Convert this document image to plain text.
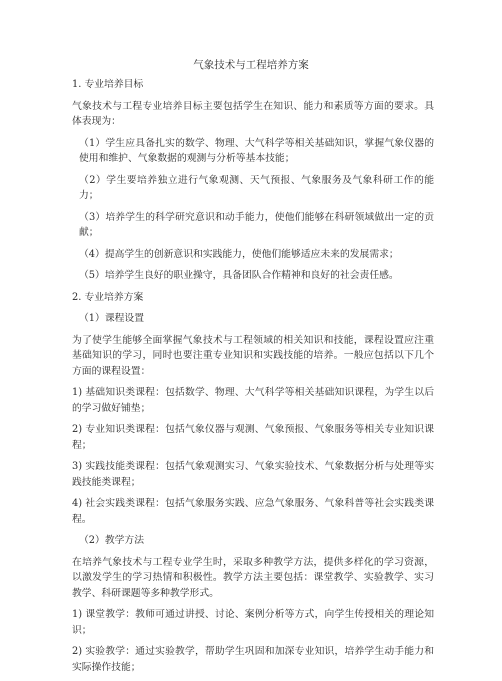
气象技术与工程培养方案
1. 专业培养目标
气象技术与工程专业培养目标主要包括学生在知识、能力和素质等方面的要求。具体表现为：
（1）学生应具备扎实的数学、物理、大气科学等相关基础知识，掌握气象仪器的使用和维护、气象数据的观测与分析等基本技能；
（2）学生要培养独立进行气象观测、天气预报、气象服务及气象科研工作的能力；
（3）培养学生的科学研究意识和动手能力，使他们能够在科研领域做出一定的贡献；
（4）提高学生的创新意识和实践能力，使他们能够适应未来的发展需求；
（5）培养学生良好的职业操守，具备团队合作精神和良好的社会责任感。
2. 专业培养方案
（1）课程设置
为了使学生能够全面掌握气象技术与工程领域的相关知识和技能，课程设置应注重基础知识的学习，同时也要注重专业知识和实践技能的培养。一般应包括以下几个方面的课程设置：
1) 基础知识类课程：包括数学、物理、大气科学等相关基础知识课程，为学生以后的学习做好铺垫；
2) 专业知识类课程：包括气象仪器与观测、气象预报、气象服务等相关专业知识课程；
3) 实践技能类课程：包括气象观测实习、气象实验技术、气象数据分析与处理等实践技能类课程；
4) 社会实践类课程：包括气象服务实践、应急气象服务、气象科普等社会实践类课程。
（2）教学方法
在培养气象技术与工程专业学生时，采取多种教学方法，提供多样化的学习资源，以激发学生的学习热情和积极性。教学方法主要包括：课堂教学、实验教学、实习教学、科研课题等多种教学形式。
1) 课堂教学：教师可通过讲授、讨论、案例分析等方式，向学生传授相关的理论知识；
2) 实验教学：通过实验教学，帮助学生巩固和加深专业知识，培养学生动手能力和实际操作技能；
